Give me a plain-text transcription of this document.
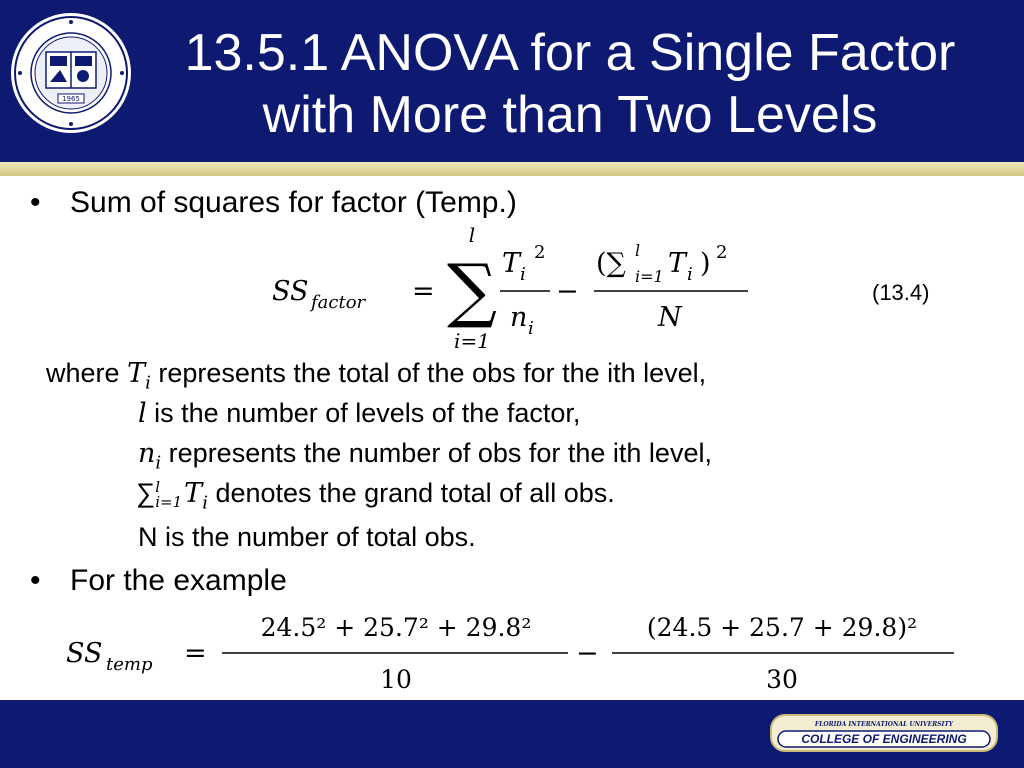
1965
13.5.1 ANOVA for a Single Factor
with More than Two Levels
• Sum of squares for factor (Temp.)
SS factor =
l
∑
i=1
T i
2
n i
−
(∑ l
i=1 T i ) 2
N
(13.4)
where $T_i$ represents the total of the obs for the ith level,
l is the number of levels of the factor,
$n_i$ represents the number of obs for the ith level,
∑ l
i=1 $T_i$ denotes the grand total of all obs.
N is the number of total obs.
• For the example
SS temp =
24.5² + 25.7² + 29.8²
10
−
(24.5 + 25.7 + 29.8)²
30
FLORIDA INTERNATIONAL UNIVERSITY
COLLEGE OF ENGINEERING
